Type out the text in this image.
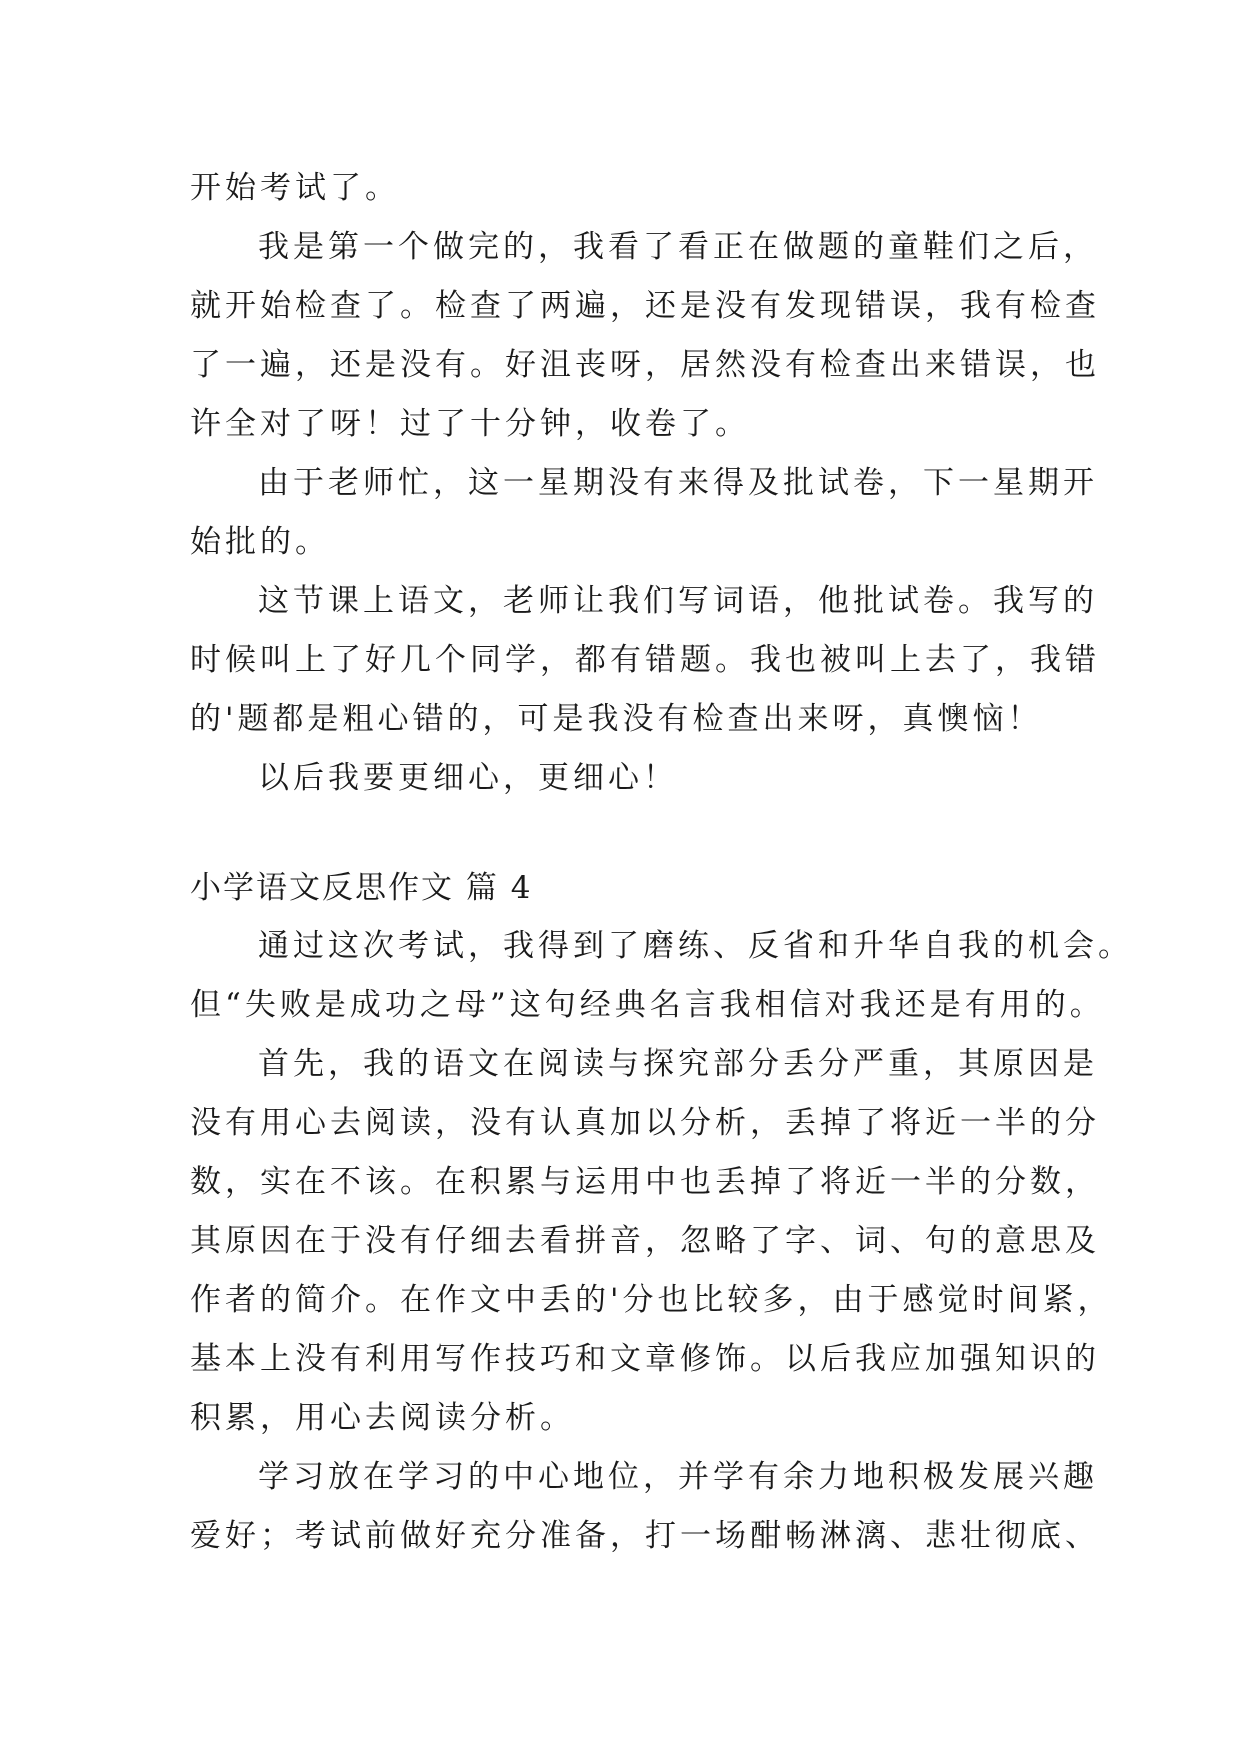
开始考试了。
我是第一个做完的，我看了看正在做题的童鞋们之后，
就开始检查了。检查了两遍，还是没有发现错误，我有检查
了一遍，还是没有。好沮丧呀，居然没有检查出来错误，也
许全对了呀！过了十分钟，收卷了。
由于老师忙，这一星期没有来得及批试卷，下一星期开
始批的。
这节课上语文，老师让我们写词语，他批试卷。我写的
时候叫上了好几个同学，都有错题。我也被叫上去了，我错
的'题都是粗心错的，可是我没有检查出来呀，真懊恼！
以后我要更细心，更细心！
小学语文反思作文 篇 4
通过这次考试，我得到了磨练、反省和升华自我的机会。
但“失败是成功之母”这句经典名言我相信对我还是有用的。
首先，我的语文在阅读与探究部分丢分严重，其原因是
没有用心去阅读，没有认真加以分析，丢掉了将近一半的分
数，实在不该。在积累与运用中也丢掉了将近一半的分数，
其原因在于没有仔细去看拼音，忽略了字、词、句的意思及
作者的简介。在作文中丢的'分也比较多，由于感觉时间紧，
基本上没有利用写作技巧和文章修饰。以后我应加强知识的
积累，用心去阅读分析。
学习放在学习的中心地位，并学有余力地积极发展兴趣
爱好；考试前做好充分准备，打一场酣畅淋漓、悲壮彻底、
